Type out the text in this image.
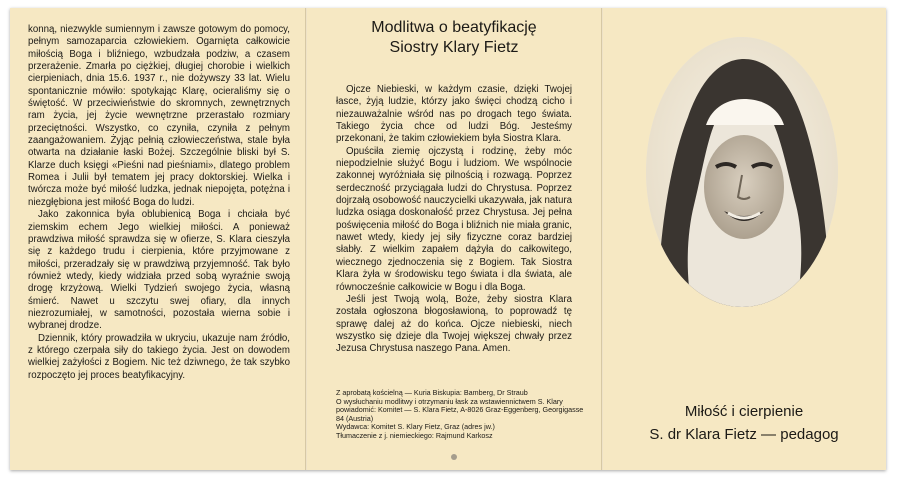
konną, niezwykle sumiennym i zawsze gotowym do pomocy, pełnym samozaparcia człowiekiem. Ogarnięta całkowicie miłością Boga i bliźniego, wzbudzała podziw, a czasem przerażenie. Zmarła po ciężkiej, długiej chorobie i wielkich cierpieniach, dnia 15.6. 1937 r., nie dożywszy 33 lat. Wielu spontanicznie mówiło: spotykając Klarę, ocieraliśmy się o świętość. W przeciwieństwie do skromnych, zewnętrznych ram życia, jej życie wewnętrzne przerastało rozmiary przeciętności. Wszystko, co czyniła, czyniła z pełnym zaangażowaniem. Żyjąc pełnią człowieczeństwa, stale była otwarta na działanie łaski Bożej. Szczególnie bliski był S. Klarze duch księgi «Pieśni nad pieśniami», dlatego problem Romea i Julii był tematem jej pracy doktorskiej. Wielka i twórcza może być miłość ludzka, jednak niepojęta, potężna i niezgłębiona jest miłość Boga do ludzi.

Jako zakonnica była oblubienicą Boga i chciała być ziemskim echem Jego wielkiej miłości. A ponieważ prawdziwa miłość sprawdza się w ofierze, S. Klara cieszyła się z każdego trudu i cierpienia, które przyjmowane z miłości, przeradzały się w prawdziwą przyjemność. Tak było również wtedy, kiedy widziała przed sobą wyraźnie swoją drogę krzyżową. Wielki Tydzień swojego życia, własną śmierć. Nawet u szczytu swej ofiary, dla innych niezrozumiałej, w samotności, pozostała wierna sobie i wybranej drodze.

Dziennik, który prowadziła w ukryciu, ukazuje nam źródło, z którego czerpała siły do takiego życia. Jest on dowodem wielkiej zażyłości z Bogiem. Nic też dziwnego, że tak szybko rozpoczęto jej proces beatyfikacyjny.

Modlitwa o beatyfikację
Siostry Klary Fietz

Ojcze Niebieski, w każdym czasie, dzięki Twojej łasce, żyją ludzie, którzy jako święci chodzą cicho i niezauważalnie wśród nas po drogach tego świata. Takiego życia chce od ludzi Bóg. Jesteśmy przekonani, że takim człowiekiem była Siostra Klara.

Opuściła ziemię ojczystą i rodzinę, żeby móc niepodzielnie służyć Bogu i ludziom. We wspólnocie zakonnej wyróżniała się pilnością i rozwagą. Poprzez serdeczność przyciągała ludzi do Chrystusa. Poprzez dojrzałą osobowość nauczycielki ukazywała, jak natura ludzka osiąga doskonałość przez Chrystusa. Jej pełna poświęcenia miłość do Boga i bliźnich nie miała granic, nawet wtedy, kiedy jej siły fizyczne coraz bardziej słabły. Z wielkim zapałem dążyła do całkowitego, wiecznego zjednoczenia się z Bogiem. Tak Siostra Klara żyła w środowisku tego świata i dla świata, ale równocześnie całkowicie w Bogu i dla Boga.

Jeśli jest Twoją wolą, Boże, żeby siostra Klara została ogłoszona błogosławioną, to poprowadź tę sprawę dalej aż do końca. Ojcze niebieski, niech wszystko się dzieje dla Twojej większej chwały przez Jezusa Chrystusa naszego Pana. Amen.

Z aprobatą kościelną — Kuria Biskupia: Bamberg, Dr Straub
O wysłuchaniu modlitwy i otrzymaniu łask za wstawiennictwem S. Klary powiadomić: Komitet — S. Klara Fietz, A-8026 Graz-Eggenberg, Georgigasse 84 (Austria)
Wydawca: Komitet S. Klary Fietz, Graz (adres jw.)
Tłumaczenie z j. niemieckiego: Rajmund Karkosz
Miłość i cierpienie
S. dr Klara Fietz — pedagog
